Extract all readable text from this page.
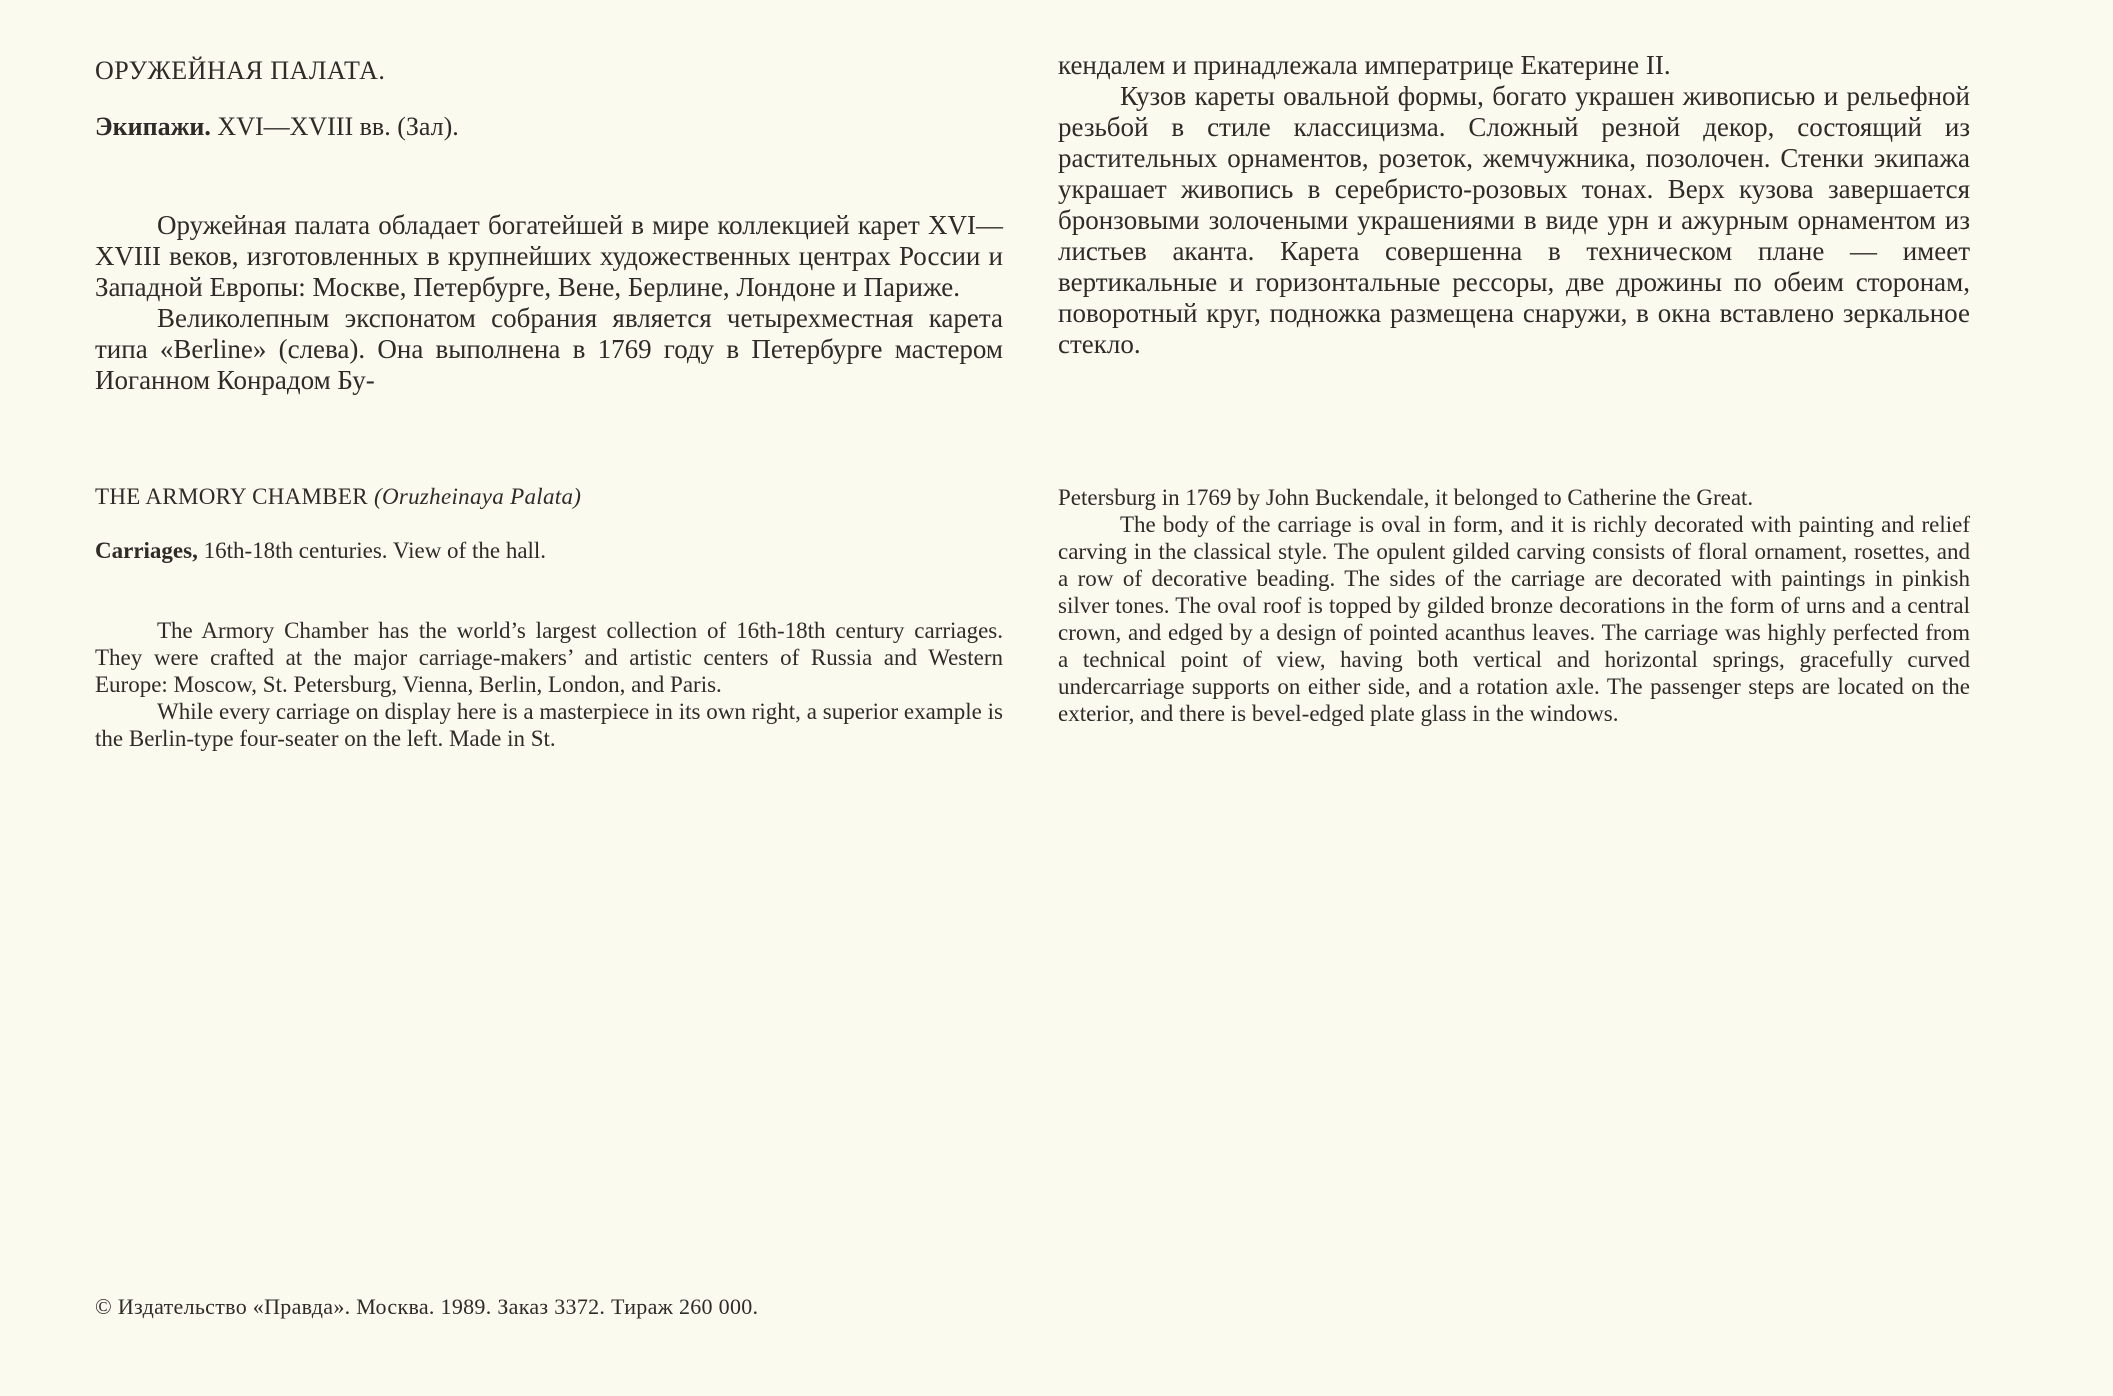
ОРУЖЕЙНАЯ ПАЛАТА.
Экипажи. XVI—XVIII вв. (Зал).

Оружейная палата обладает богатейшей в мире коллекцией карет XVI—XVIII веков, изготовленных в крупнейших художественных центрах России и Западной Европы: Москве, Петербурге, Вене, Берлине, Лондоне и Париже.

Великолепным экспонатом собрания является четырехместная карета типа «Berline» (слева). Она выполнена в 1769 году в Петербурге мастером Иоганном Конрадом Бу-

кендалем и принадлежала императрице Екатерине II.

Кузов кареты овальной формы, богато украшен живописью и рельефной резьбой в стиле классицизма. Сложный резной декор, состоящий из растительных орнаментов, розеток, жемчужника, позолочен. Стенки экипажа украшает живопись в серебристо-розовых тонах. Верх кузова завершается бронзовыми золочеными украшениями в виде урн и ажурным орнаментом из листьев аканта. Карета совершенна в техническом плане — имеет вертикальные и горизонтальные рессоры, две дрожины по обеим сторонам, поворотный круг, подножка размещена снаружи, в окна вставлено зеркальное стекло.

THE ARMORY CHAMBER (Oruzheinaya Palata)
Carriages, 16th-18th centuries. View of the hall.

The Armory Chamber has the world’s largest collection of 16th-18th century carriages. They were crafted at the major carriage-makers’ and artistic centers of Russia and Western Europe: Moscow, St. Petersburg, Vienna, Berlin, London, and Paris.

While every carriage on display here is a masterpiece in its own right, a superior example is the Berlin-type four-seater on the left. Made in St.

Petersburg in 1769 by John Buckendale, it belonged to Catherine the Great.

The body of the carriage is oval in form, and it is richly decorated with painting and relief carving in the classical style. The opulent gilded carving consists of floral ornament, rosettes, and a row of decorative beading. The sides of the carriage are decorated with paintings in pinkish silver tones. The oval roof is topped by gilded bronze decorations in the form of urns and a central crown, and edged by a design of pointed acanthus leaves. The carriage was highly perfected from a technical point of view, having both vertical and horizontal springs, gracefully curved undercarriage supports on either side, and a rotation axle. The passenger steps are located on the exterior, and there is bevel-edged plate glass in the windows.

© Издательство «Правда». Москва. 1989. Заказ 3372. Тираж 260 000.
